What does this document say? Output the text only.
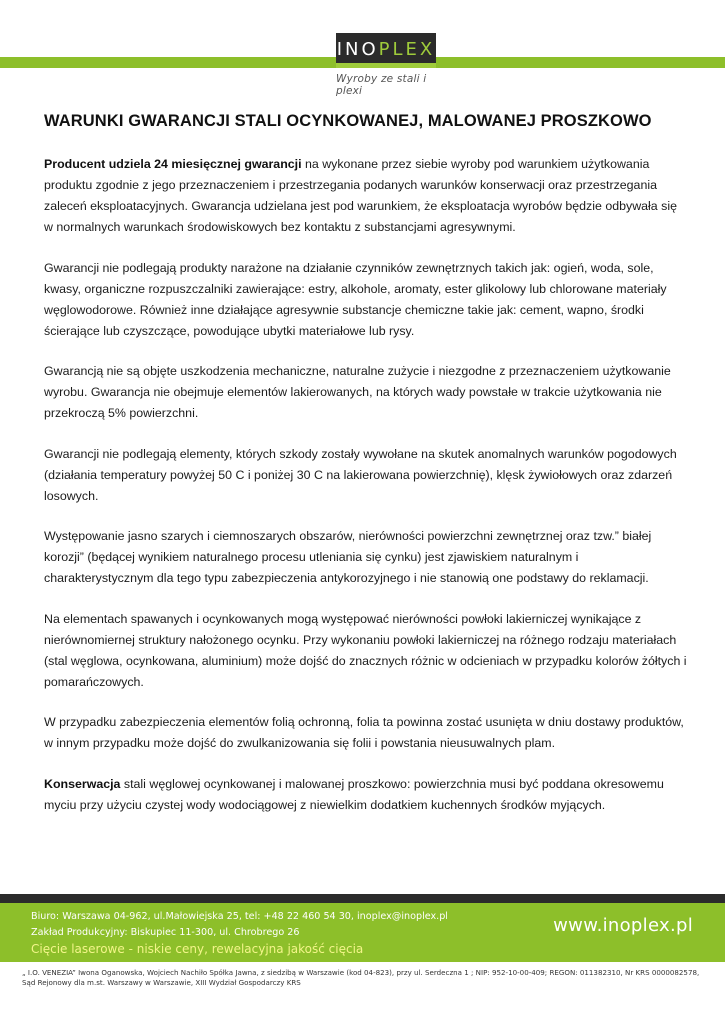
INO PLEX
Wyroby ze stali i plexi
WARUNKI GWARANCJI STALI OCYNKOWANEJ, MALOWANEJ PROSZKOWO

Producent udziela 24 miesięcznej gwarancji na wykonane przez siebie wyroby pod warunkiem użytkowania produktu zgodnie z jego przeznaczeniem i przestrzegania podanych warunków konserwacji oraz przestrzegania zaleceń eksploatacyjnych. Gwarancja udzielana jest pod warunkiem, że eksploatacja wyrobów będzie odbywała się w normalnych warunkach środowiskowych bez kontaktu z substancjami agresywnymi.

Gwarancji nie podlegają produkty narażone na działanie czynników zewnętrznych takich jak: ogień, woda, sole, kwasy, organiczne rozpuszczalniki zawierające: estry, alkohole, aromaty, ester glikolowy lub chlorowane materiały węglowodorowe. Również inne działające agresywnie substancje chemiczne takie jak: cement, wapno, środki ścierające lub czyszczące, powodujące ubytki materiałowe lub rysy.

Gwarancją nie są objęte uszkodzenia mechaniczne, naturalne zużycie i niezgodne z przeznaczeniem użytkowanie wyrobu. Gwarancja nie obejmuje elementów lakierowanych, na których wady powstałe w trakcie użytkowania nie przekroczą 5% powierzchni.

Gwarancji nie podlegają elementy, których szkody zostały wywołane na skutek anomalnych warunków pogodowych (działania temperatury powyżej 50 C i poniżej 30 C na lakierowana powierzchnię), klęsk żywiołowych oraz zdarzeń losowych.

Występowanie jasno szarych i ciemnoszarych obszarów, nierówności powierzchni zewnętrznej oraz tzw.” białej korozji” (będącej wynikiem naturalnego procesu utleniania się cynku) jest zjawiskiem naturalnym i charakterystycznym dla tego typu zabezpieczenia antykorozyjnego i nie stanowią one podstawy do reklamacji.

Na elementach spawanych i ocynkowanych mogą występować nierówności powłoki lakierniczej wynikające z nierównomiernej struktury nałożonego ocynku. Przy wykonaniu powłoki lakierniczej na różnego rodzaju materiałach (stal węglowa, ocynkowana, aluminium) może dojść do znacznych różnic w odcieniach w przypadku kolorów żółtych i pomarańczowych.

W przypadku zabezpieczenia elementów folią ochronną, folia ta powinna zostać usunięta w dniu dostawy produktów, w innym przypadku może dojść do zwulkanizowania się folii i powstania nieusuwalnych plam.

Konserwacja stali węglowej ocynkowanej i malowanej proszkowo: powierzchnia musi być poddana okresowemu myciu przy użyciu czystej wody wodociągowej z niewielkim dodatkiem kuchennych środków myjących.

Biuro: Warszawa 04-962, ul.Małowiejska 25, tel: +48 22 460 54 30, inoplex@inoplex.pl
Zakład Produkcyjny: Biskupiec 11-300, ul. Chrobrego 26
Cięcie laserowe - niskie ceny, rewelacyjna jakość cięcia
www.inoplex.pl
„ I.O. VENEZIA” Iwona Oganowska, Wojciech Nachiło Spółka Jawna, z siedzibą w Warszawie (kod 04-823), przy ul. Serdeczna 1 ; NIP: 952-10-00-409; REGON: 011382310, Nr KRS 0000082578, Sąd Rejonowy dla m.st. Warszawy w Warszawie, XIII Wydział Gospodarczy KRS
